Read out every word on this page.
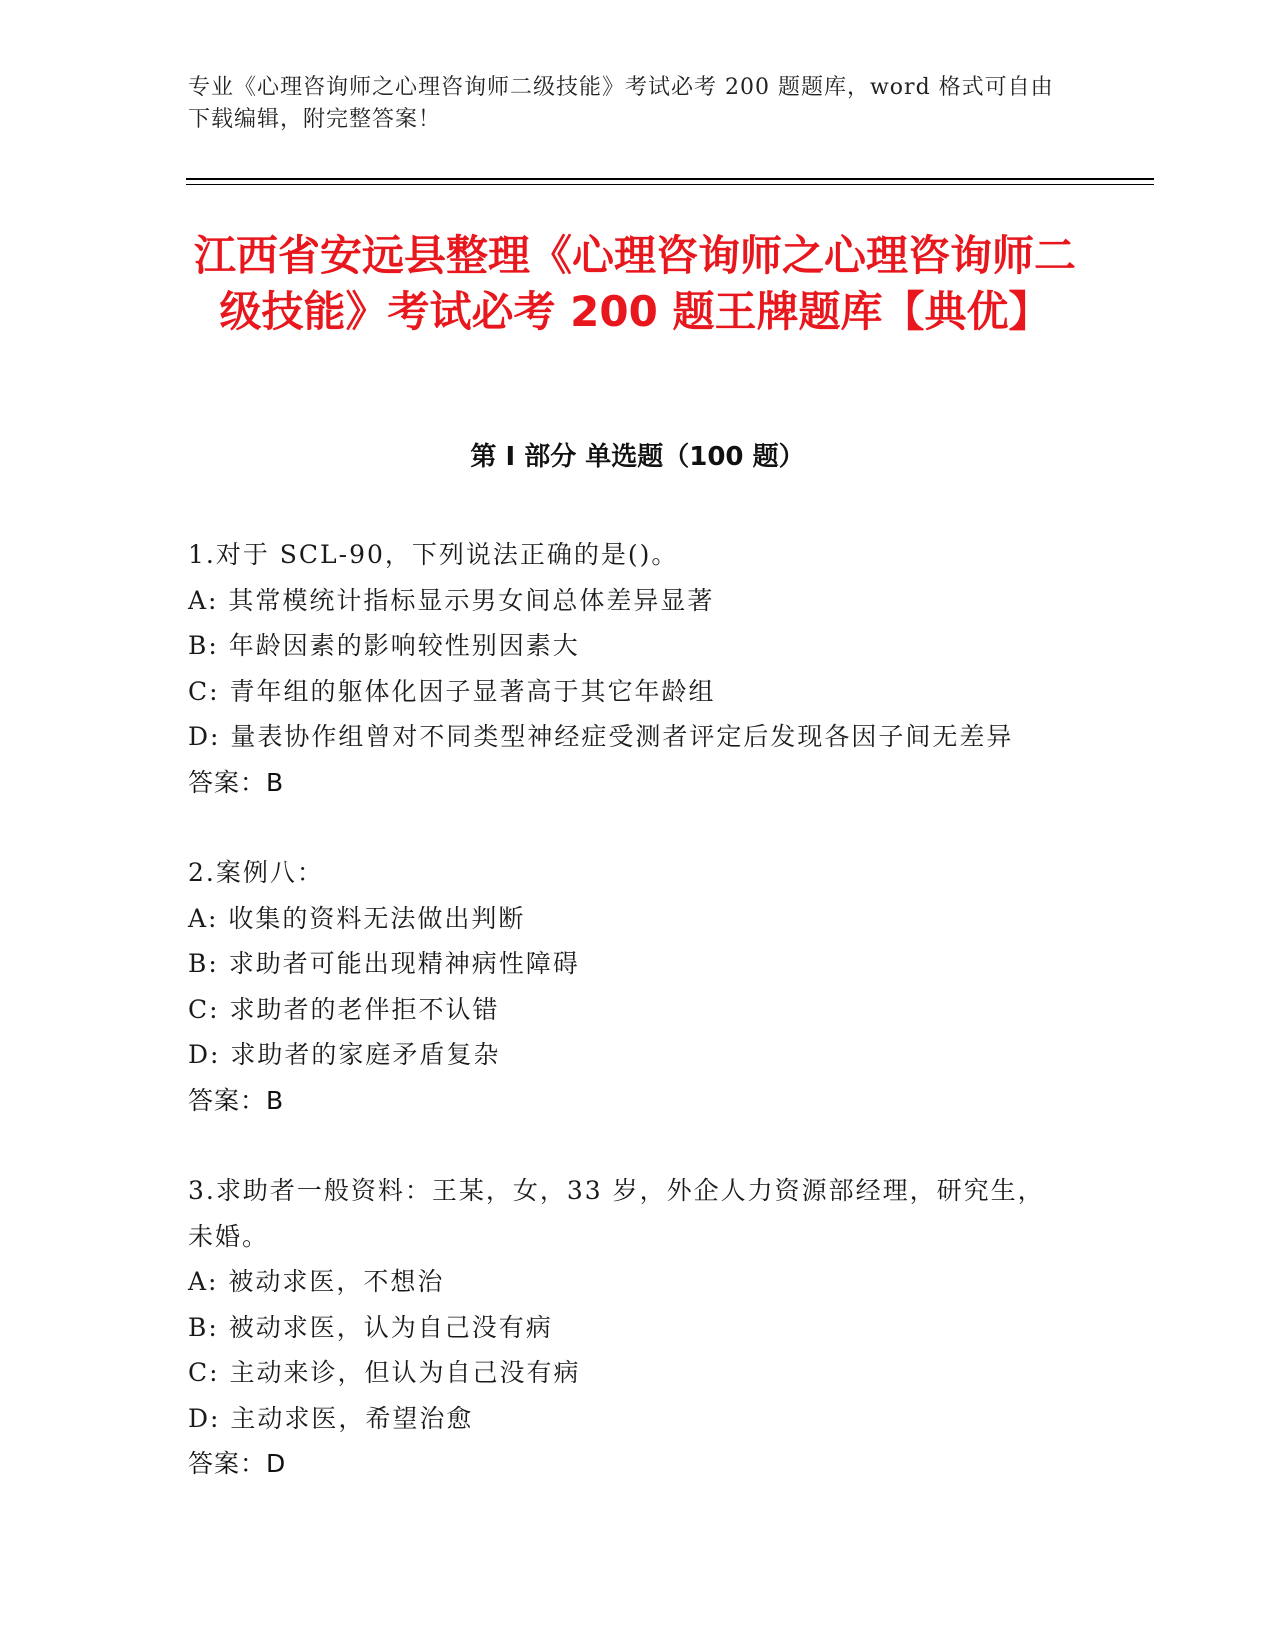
专业《心理咨询师之心理咨询师二级技能》考试必考 200 题题库，word 格式可自由下载编辑，附完整答案！
江西省安远县整理《心理咨询师之心理咨询师二级技能》考试必考 200 题王牌题库【典优】
第 I 部分 单选题（100 题）
1.对于 SCL-90，下列说法正确的是()。
A: 其常模统计指标显示男女间总体差异显著
B: 年龄因素的影响较性别因素大
C: 青年组的躯体化因子显著高于其它年龄组
D: 量表协作组曾对不同类型神经症受测者评定后发现各因子间无差异
答案：B
2.案例八：
A: 收集的资料无法做出判断
B: 求助者可能出现精神病性障碍
C: 求助者的老伴拒不认错
D: 求助者的家庭矛盾复杂
答案：B
3.求助者一般资料：王某，女，33 岁，外企人力资源部经理，研究生，未婚。
A: 被动求医，不想治
B: 被动求医，认为自己没有病
C: 主动来诊，但认为自己没有病
D: 主动求医，希望治愈
答案：D
